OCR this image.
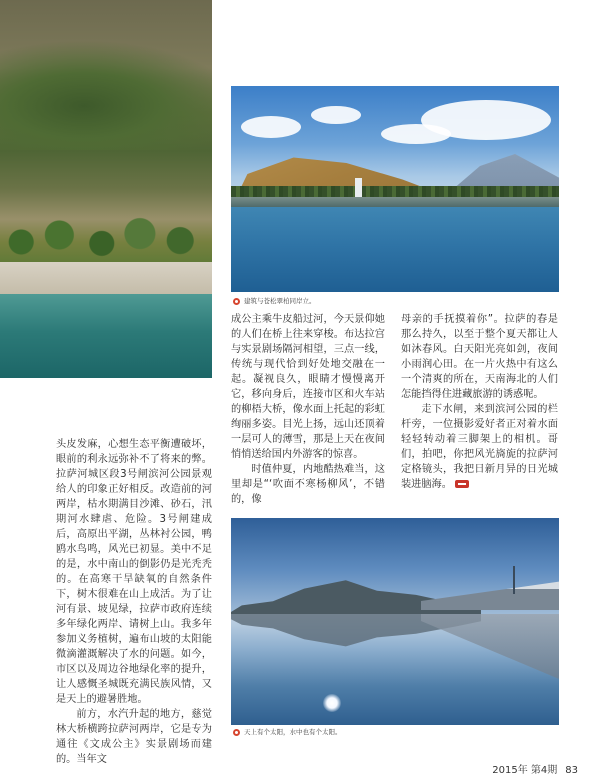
建筑与苍松翠柏同岸立。

头皮发麻，心想生态平衡遭破坏，眼前的利永远弥补不了将来的弊。拉萨河城区段3号闸滨河公园景观给人的印象正好相反。改造前的河两岸，枯水期满目沙滩、砂石，汛期河水肆虐、危险。3号闸建成后，高原出平湖，丛林衬公园，鸭鸥水鸟鸣，风光已初显。美中不足的是，水中南山的倒影仍是光秃秃的。在高寒干旱缺氧的自然条件下，树木很难在山上成活。为了让河有景、坡见绿，拉萨市政府连续多年绿化两岸、请树上山。我多年参加义务植树，遍布山坡的太阳能微滴灌溉解决了水的问题。如今，市区以及周边谷地绿化率的提升，让人感慨圣城既充满民族风情，又是天上的避暑胜地。

前方，水汽升起的地方，慈觉林大桥横跨拉萨河两岸，它是专为通往《文成公主》实景剧场而建的。当年文

成公主乘牛皮船过河，今天景仰她的人们在桥上往来穿梭。布达拉宫与实景剧场隔河相望，三点一线，传统与现代恰到好处地交融在一起。凝视良久，眼睛才慢慢离开它，移向身后，连接市区和火车站的柳梧大桥，像水面上托起的彩虹绚丽多姿。目光上扬，远山还顶着一层可人的薄雪，那是上天在夜间悄悄送给国内外游客的惊喜。

时值仲夏，内地酷热难当，这里却是“‘吹面不寒杨柳风’，不错的，像

母亲的手抚摸着你”。拉萨的春是那么持久，以至于整个夏天都让人如沐春风。白天阳光亮如剑，夜间小雨润心田。在一片火热中有这么一个清爽的所在，天南海北的人们怎能挡得住进藏旅游的诱惑呢。

走下水闸，来到滨河公园的栏杆旁，一位摄影爱好者正对着水面轻轻转动着三脚架上的相机。哥们，拍吧，你把风光旖旎的拉萨河定格镜头，我把日新月异的日光城装进脑海。

天上有个太阳，水中也有个太阳。
2015年 第4期 83
